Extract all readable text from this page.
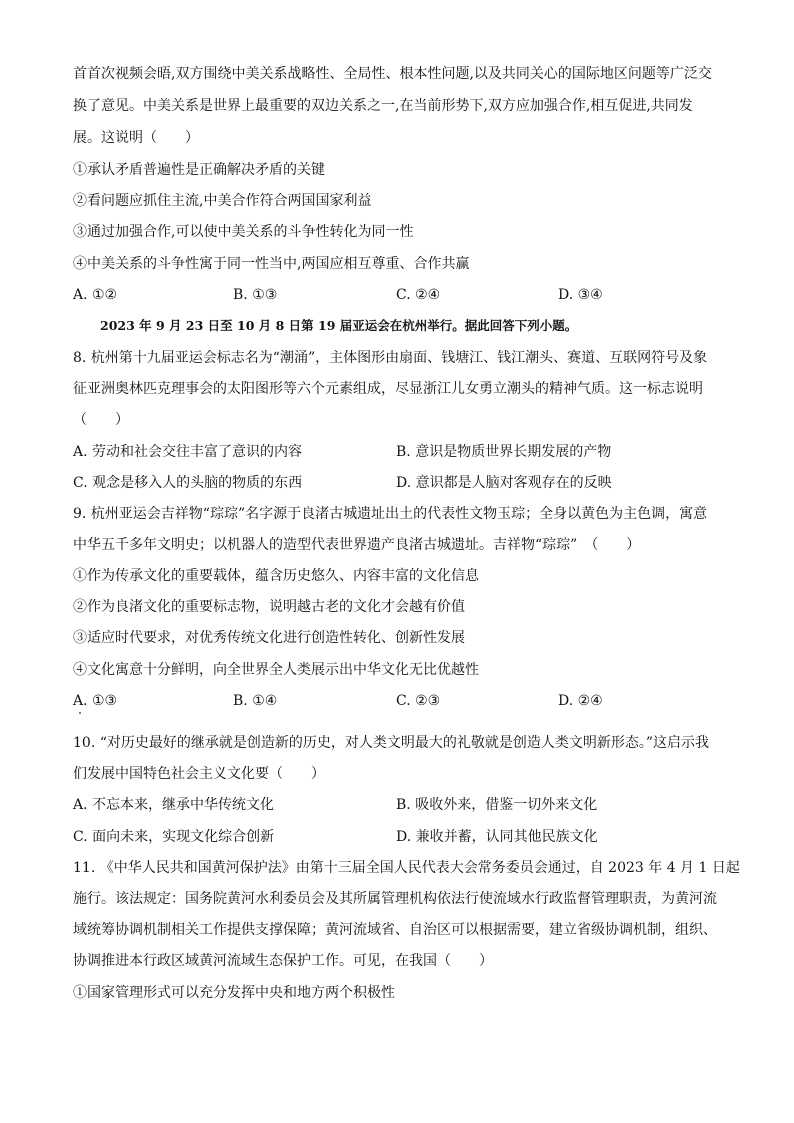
首首次视频会晤,双方围绕中美关系战略性、全局性、根本性问题,以及共同关心的国际地区问题等广泛交
换了意见。中美关系是世界上最重要的双边关系之一,在当前形势下,双方应加强合作,相互促进,共同发
展。这说明（　　）
①承认矛盾普遍性是正确解决矛盾的关键
②看问题应抓住主流,中美合作符合两国国家利益
③通过加强合作,可以使中美关系的斗争性转化为同一性
④中美关系的斗争性寓于同一性当中,两国应相互尊重、合作共赢
A. ①②	B. ①③	C. ②④	D. ③④
2023 年 9 月 23 日至 10 月 8 日第 19 届亚运会在杭州举行。据此回答下列小题。
8. 杭州第十九届亚运会标志名为“潮涌”，主体图形由扇面、钱塘江、钱江潮头、赛道、互联网符号及象
征亚洲奥林匹克理事会的太阳图形等六个元素组成，尽显浙江儿女勇立潮头的精神气质。这一标志说明
（　　）
A. 劳动和社会交往丰富了意识的内容	B. 意识是物质世界长期发展的产物
C. 观念是移入人的头脑的物质的东西	D. 意识都是人脑对客观存在的反映
9. 杭州亚运会吉祥物“琮琮”名字源于良渚古城遗址出土的代表性文物玉琮；全身以黄色为主色调，寓意
中华五千多年文明史；以机器人的造型代表世界遗产良渚古城遗址。吉祥物“琮琮”　（　　）
①作为传承文化的重要载体，蕴含历史悠久、内容丰富的文化信息
②作为良渚文化的重要标志物，说明越古老的文化才会越有价值
③适应时代要求，对优秀传统文化进行创造性转化、创新性发展
④文化寓意十分鲜明，向全世界全人类展示出中华文化无比优越性
A. ①③	B. ①④	C. ②③	D. ②④
10. “对历史最好的继承就是创造新的历史，对人类文明最大的礼敬就是创造人类文明新形态。”这启示我
们发展中国特色社会主义文化要（　　）
A. 不忘本来，继承中华传统文化	B. 吸收外来，借鉴一切外来文化
C. 面向未来，实现文化综合创新	D. 兼收并蓄，认同其他民族文化
11. 《中华人民共和国黄河保护法》由第十三届全国人民代表大会常务委员会通过，自 2023 年 4 月 1 日起
施行。该法规定：国务院黄河水利委员会及其所属管理机构依法行使流域水行政监督管理职责，为黄河流
域统筹协调机制相关工作提供支撑保障；黄河流域省、自治区可以根据需要，建立省级协调机制，组织、
协调推进本行政区域黄河流域生态保护工作。可见，在我国（　　）
①国家管理形式可以充分发挥中央和地方两个积极性
